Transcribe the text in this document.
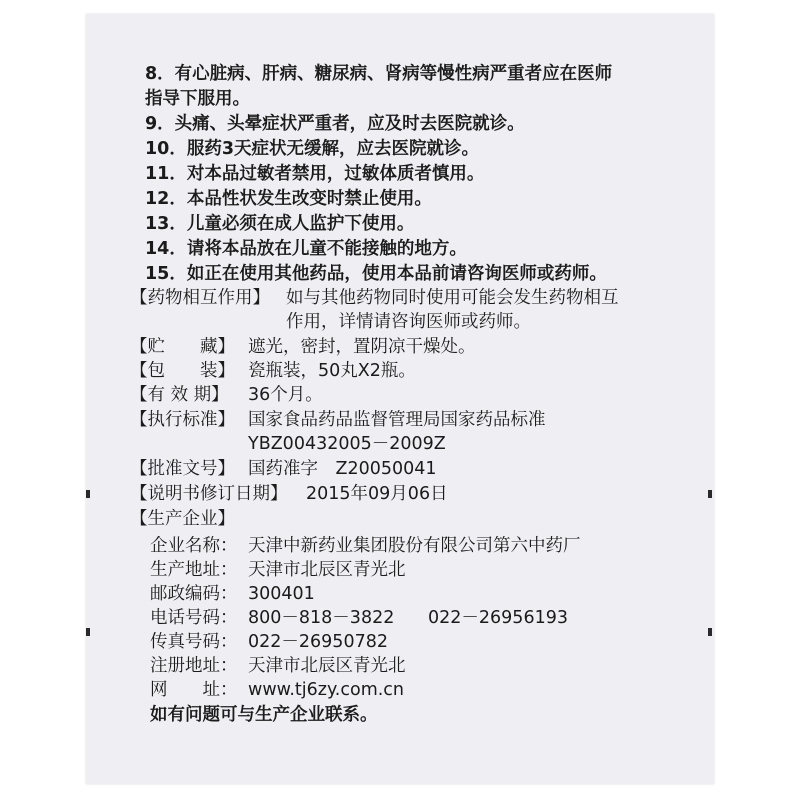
8．有心脏病、肝病、糖尿病、肾病等慢性病严重者应在医师
指导下服用。
9．头痛、头晕症状严重者，应及时去医院就诊。
10．服药3天症状无缓解，应去医院就诊。
11．对本品过敏者禁用，过敏体质者慎用。
12．本品性状发生改变时禁止使用。
13．儿童必须在成人监护下使用。
14．请将本品放在儿童不能接触的地方。
15．如正在使用其他药品，使用本品前请咨询医师或药师。
【药物相互作用】 如与其他药物同时使用可能会发生药物相互
作用，详情请咨询医师或药师。
【贮　　藏】 遮光，密封，置阴凉干燥处。
【包　　装】 瓷瓶装，50丸X2瓶。
【有 效 期】 36个月。
【执行标准】 国家食品药品监督管理局国家药品标准
YBZ00432005－2009Z
【批准文号】 国药准字　Z20050041
【说明书修订日期】 2015年09月06日
【生产企业】
企业名称： 天津中新药业集团股份有限公司第六中药厂
生产地址： 天津市北辰区青光北
邮政编码： 300401
电话号码： 800－818－3822 022－26956193
传真号码： 022－26950782
注册地址： 天津市北辰区青光北
网　　址： www.tj6zy.com.cn
如有问题可与生产企业联系。
